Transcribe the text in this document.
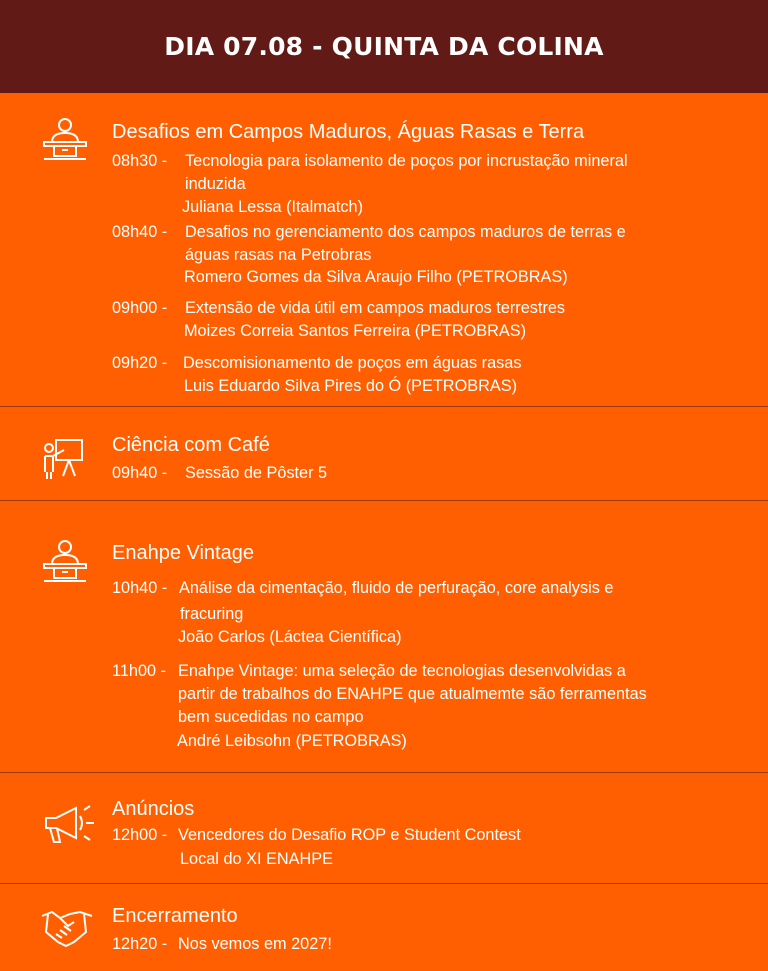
DIA 07.08 - QUINTA DA COLINA
Desafios em Campos Maduros, Águas Rasas e Terra
08h30 - Tecnologia para isolamento de poços por incrustação mineral
induzida
Juliana Lessa (Italmatch)
08h40 - Desafios no gerenciamento dos campos maduros de terras e
águas rasas na Petrobras
Romero Gomes da Silva Araujo Filho (PETROBRAS)
09h00 - Extensão de vida útil em campos maduros terrestres
Moizes Correia Santos Ferreira (PETROBRAS)
09h20 - Descomisionamento de poços em águas rasas
Luis Eduardo Silva Pires do Ó (PETROBRAS)
Ciência com Café
09h40 - Sessão de Pôster 5
Enahpe Vintage
10h40 - Análise da cimentação, fluido de perfuração, core analysis e
fracuring
João Carlos (Láctea Científica)
11h00 - Enahpe Vintage: uma seleção de tecnologias desenvolvidas a
partir de trabalhos do ENAHPE que atualmemte são ferramentas
bem sucedidas no campo
André Leibsohn (PETROBRAS)
Anúncios
12h00 - Vencedores do Desafio ROP e Student Contest
Local do XI ENAHPE
Encerramento
12h20 - Nos vemos em 2027!
